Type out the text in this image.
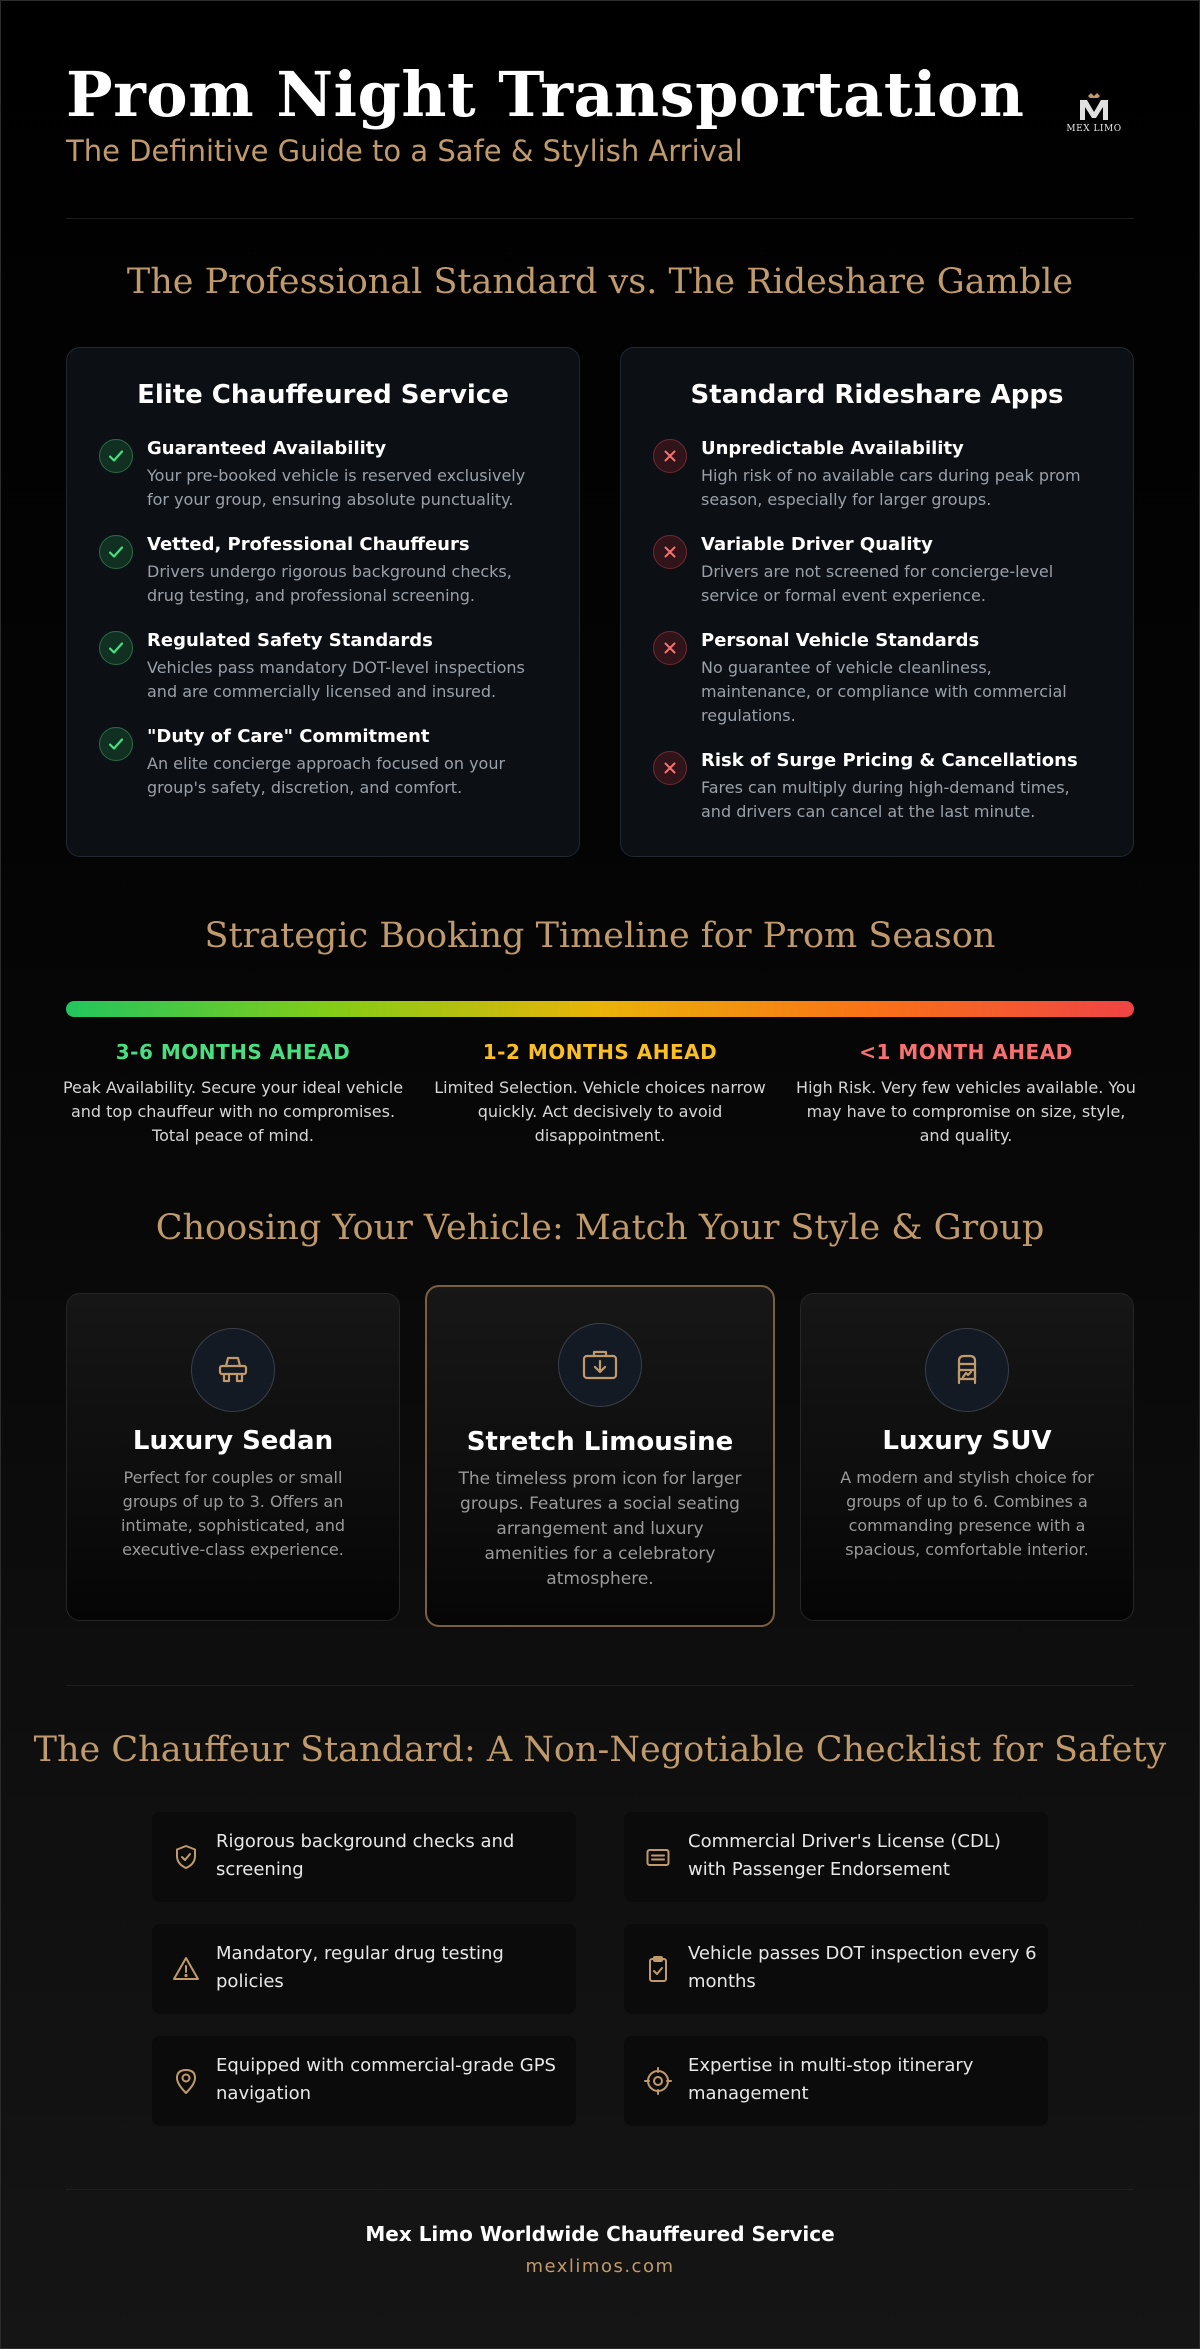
Prom Night Transportation
The Definitive Guide to a Safe & Stylish Arrival
MEX LIMO
The Professional Standard vs. The Rideshare Gamble
Elite Chauffeured Service
Guaranteed Availability
Your pre-booked vehicle is reserved exclusively for your group, ensuring absolute punctuality.
Vetted, Professional Chauffeurs
Drivers undergo rigorous background checks, drug testing, and professional screening.
Regulated Safety Standards
Vehicles pass mandatory DOT-level inspections and are commercially licensed and insured.
"Duty of Care" Commitment
An elite concierge approach focused on your group's safety, discretion, and comfort.
Standard Rideshare Apps
Unpredictable Availability
High risk of no available cars during peak prom season, especially for larger groups.
Variable Driver Quality
Drivers are not screened for concierge-level service or formal event experience.
Personal Vehicle Standards
No guarantee of vehicle cleanliness, maintenance, or compliance with commercial regulations.
Risk of Surge Pricing & Cancellations
Fares can multiply during high-demand times, and drivers can cancel at the last minute.
Strategic Booking Timeline for Prom Season
3-6 MONTHS AHEAD
Peak Availability. Secure your ideal vehicle and top chauffeur with no compromises. Total peace of mind.
1-2 MONTHS AHEAD
Limited Selection. Vehicle choices narrow quickly. Act decisively to avoid disappointment.
<1 MONTH AHEAD
High Risk. Very few vehicles available. You may have to compromise on size, style, and quality.
Choosing Your Vehicle: Match Your Style & Group
Luxury Sedan
Perfect for couples or small groups of up to 3. Offers an intimate, sophisticated, and executive-class experience.
Stretch Limousine
The timeless prom icon for larger groups. Features a social seating arrangement and luxury amenities for a celebratory atmosphere.
Luxury SUV
A modern and stylish choice for groups of up to 6. Combines a commanding presence with a spacious, comfortable interior.
The Chauffeur Standard: A Non-Negotiable Checklist for Safety
Rigorous background checks and screening
Commercial Driver's License (CDL) with Passenger Endorsement
Mandatory, regular drug testing policies
Vehicle passes DOT inspection every 6 months
Equipped with commercial-grade GPS navigation
Expertise in multi-stop itinerary management
Mex Limo Worldwide Chauffeured Service
mexlimos.com
